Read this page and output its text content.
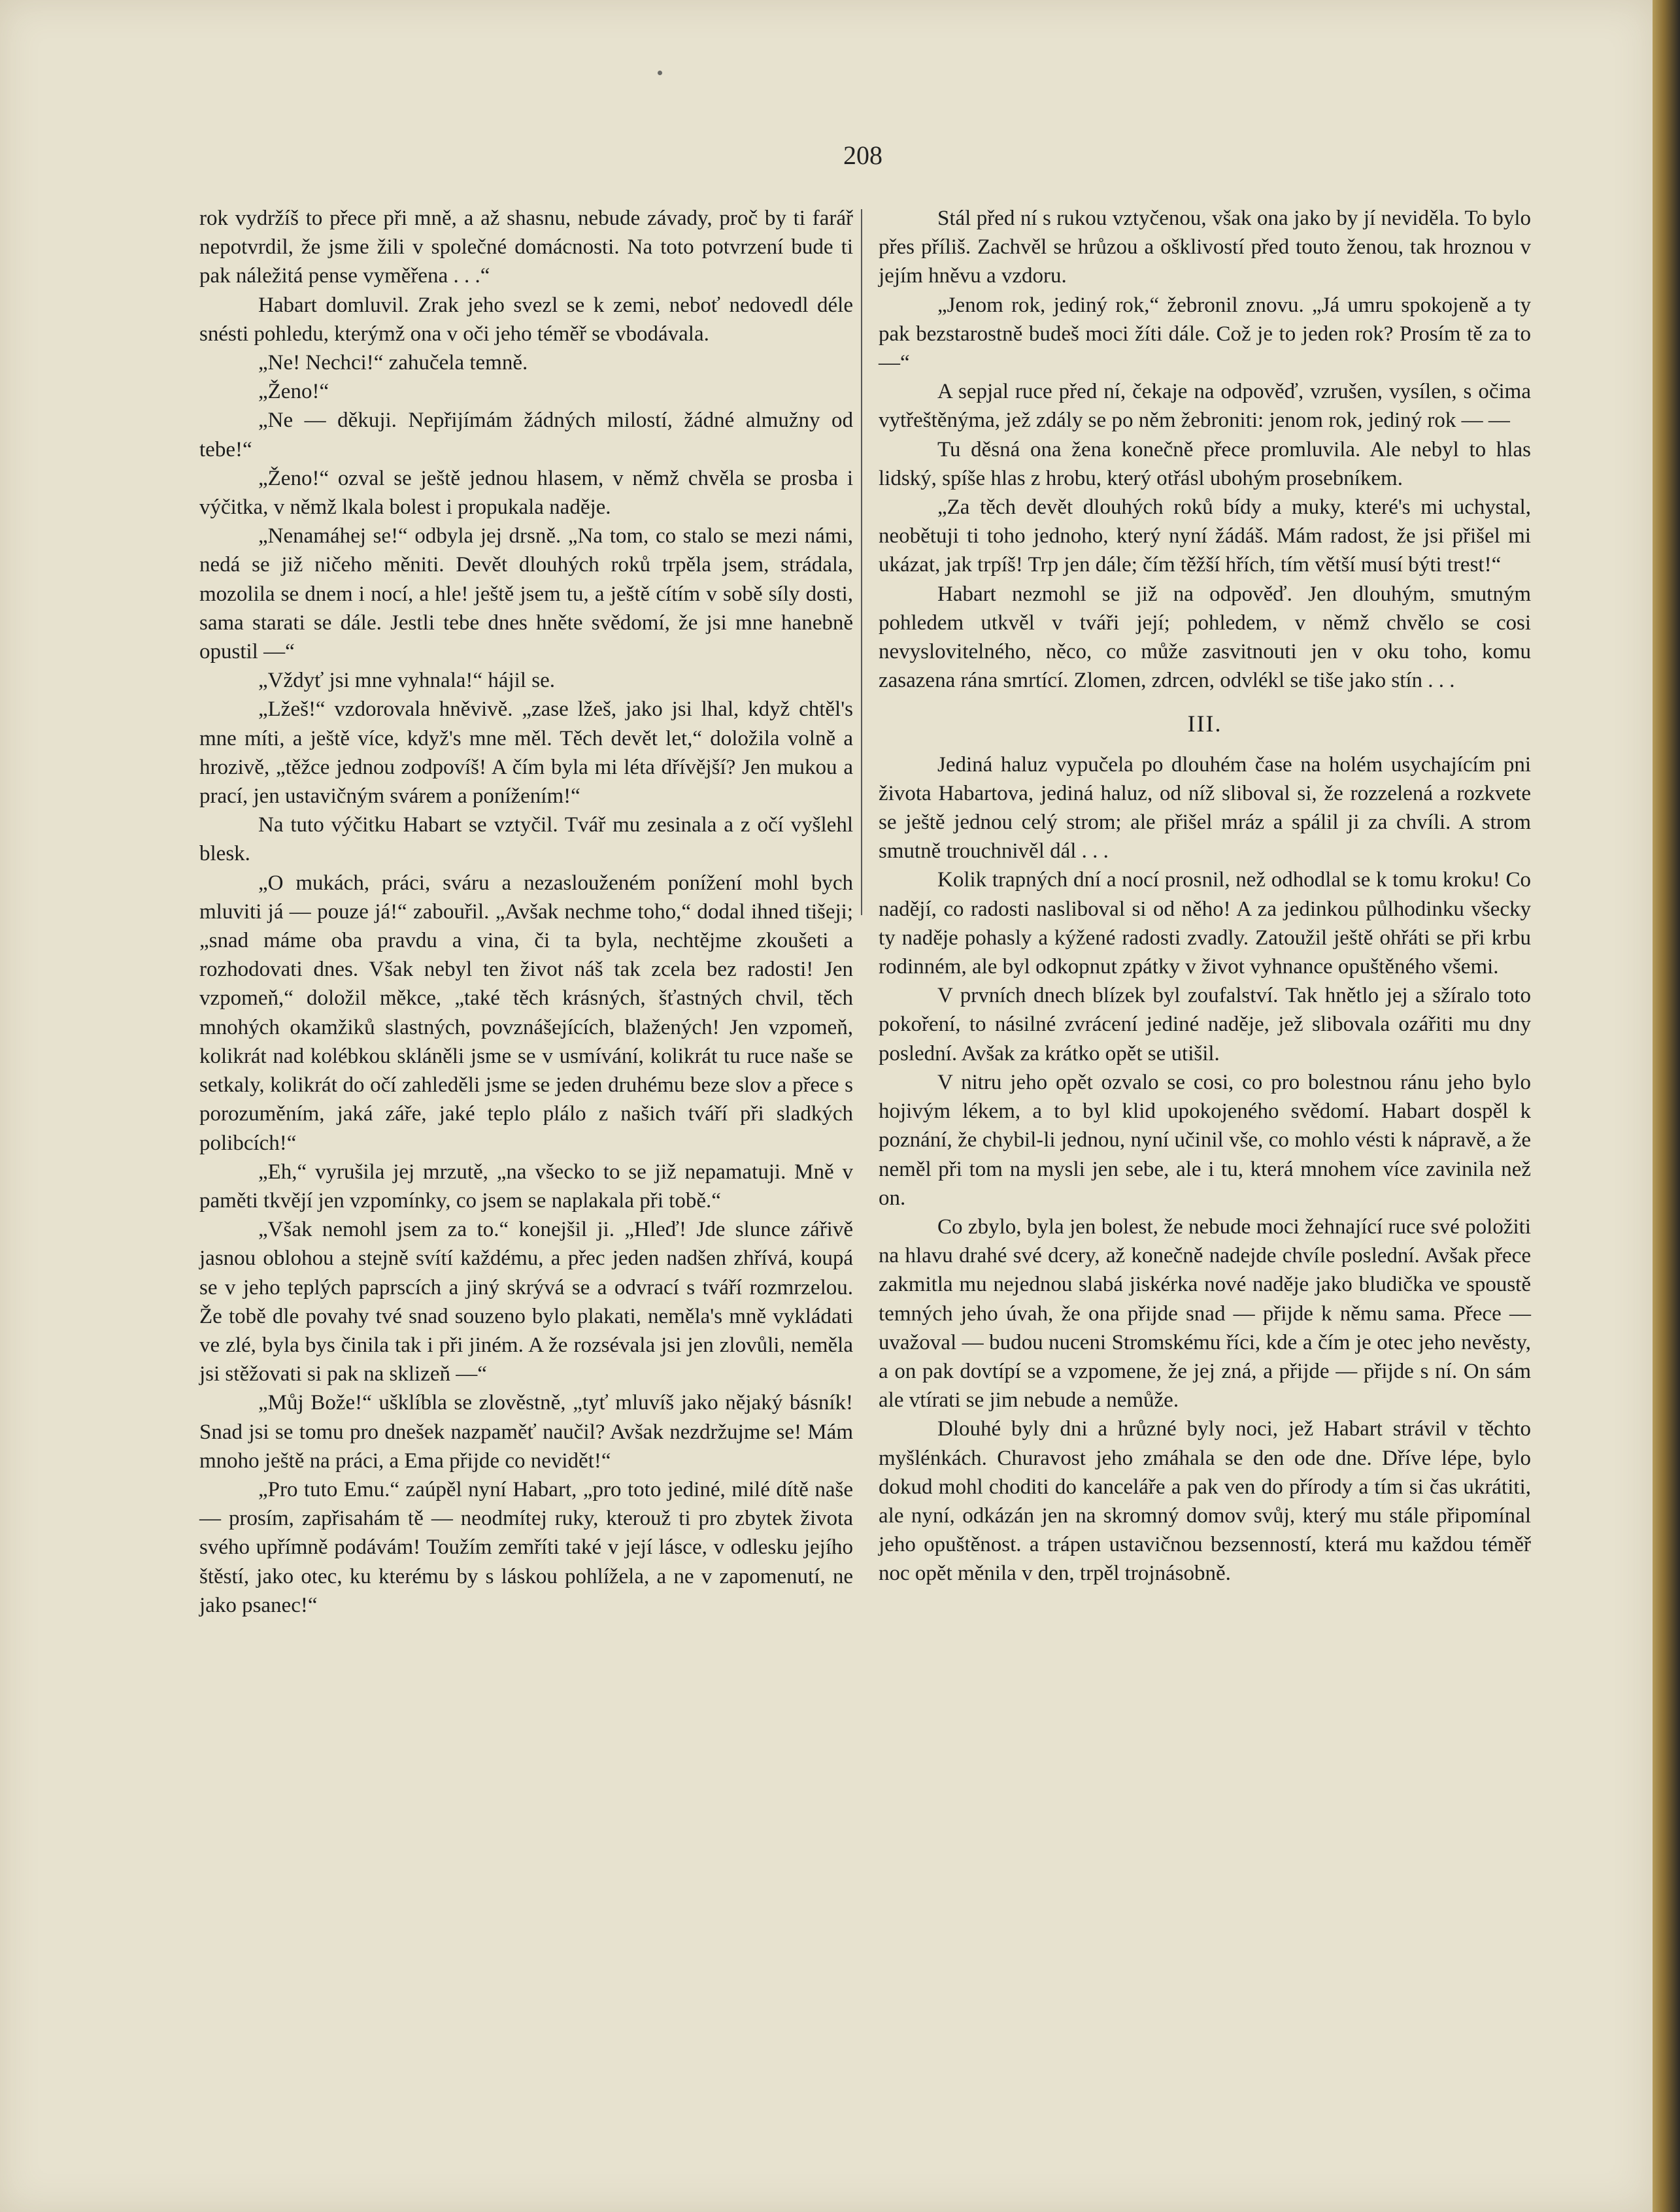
208

rok vydržíš to přece při mně, a až shasnu, nebude závady, proč by ti farář nepotvrdil, že jsme žili v společné domácnosti. Na toto potvrzení bude ti pak náležitá pense vyměřena . . .“

Habart domluvil. Zrak jeho svezl se k zemi, neboť nedovedl déle snésti pohledu, kterýmž ona v oči jeho téměř se vbodávala.

„Ne! Nechci!“ zahučela temně.

„Ženo!“

„Ne — děkuji. Nepřijímám žádných milostí, žádné almužny od tebe!“

„Ženo!“ ozval se ještě jednou hlasem, v němž chvěla se prosba i výčitka, v němž lkala bolest i propukala naděje.

„Nenamáhej se!“ odbyla jej drsně. „Na tom, co stalo se mezi námi, nedá se již ničeho měniti. Devět dlouhých roků trpěla jsem, strádala, mozolila se dnem i nocí, a hle! ještě jsem tu, a ještě cítím v sobě síly dosti, sama starati se dále. Jestli tebe dnes hněte svědomí, že jsi mne hanebně opustil —“

„Vždyť jsi mne vyhnala!“ hájil se.

„Lžeš!“ vzdorovala hněvivě. „zase lžeš, jako jsi lhal, když chtěl's mne míti, a ještě více, když's mne měl. Těch devět let,“ doložila volně a hrozivě, „těžce jednou zodpovíš! A čím byla mi léta dřívější? Jen mukou a prací, jen ustavičným svárem a ponížením!“

Na tuto výčitku Habart se vztyčil. Tvář mu zesinala a z očí vyšlehl blesk.

„O mukách, práci, sváru a nezaslouženém ponížení mohl bych mluviti já — pouze já!“ zabouřil. „Avšak nechme toho,“ dodal ihned tišeji; „snad máme oba pravdu a vina, či ta byla, nechtějme zkoušeti a rozhodovati dnes. Však nebyl ten život náš tak zcela bez radosti! Jen vzpomeň,“ doložil měkce, „také těch krásných, šťastných chvil, těch mnohých okamžiků slastných, povznášejících, blažených! Jen vzpomeň, kolikrát nad kolébkou skláněli jsme se v usmívání, kolikrát tu ruce naše se setkaly, kolikrát do očí zahleděli jsme se jeden druhému beze slov a přece s porozuměním, jaká záře, jaké teplo plálo z našich tváří při sladkých polibcích!“

„Eh,“ vyrušila jej mrzutě, „na všecko to se již nepamatuji. Mně v paměti tkvějí jen vzpomínky, co jsem se naplakala při tobě.“

„Však nemohl jsem za to.“ konejšil ji. „Hleď! Jde slunce zářivě jasnou oblohou a stejně svítí každému, a přec jeden nadšen zhřívá, koupá se v jeho teplých paprscích a jiný skrývá se a odvrací s tváří rozmrzelou. Že tobě dle povahy tvé snad souzeno bylo plakati, neměla's mně vykládati ve zlé, byla bys činila tak i při jiném. A že rozsévala jsi jen zlovůli, neměla jsi stěžovati si pak na sklizeň —“

„Můj Bože!“ ušklíbla se zlověstně, „tyť mluvíš jako nějaký básník! Snad jsi se tomu pro dnešek nazpaměť naučil? Avšak nezdržujme se! Mám mnoho ještě na práci, a Ema přijde co nevidět!“

„Pro tuto Emu.“ zaúpěl nyní Habart, „pro toto jediné, milé dítě naše — prosím, zapřisahám tě — neodmítej ruky, kterouž ti pro zbytek života svého upřímně podávám! Toužím zemříti také v její lásce, v odlesku jejího štěstí, jako otec, ku kterému by s láskou pohlížela, a ne v zapomenutí, ne jako psanec!“

Stál před ní s rukou vztyčenou, však ona jako by jí neviděla. To bylo přes příliš. Zachvěl se hrůzou a ošklivostí před touto ženou, tak hroznou v jejím hněvu a vzdoru.

„Jenom rok, jediný rok,“ žebronil znovu. „Já umru spokojeně a ty pak bezstarostně budeš moci žíti dále. Což je to jeden rok? Prosím tě za to —“

A sepjal ruce před ní, čekaje na odpověď, vzrušen, vysílen, s očima vytřeštěnýma, jež zdály se po něm žebroniti: jenom rok, jediný rok — —

Tu děsná ona žena konečně přece promluvila. Ale nebyl to hlas lidský, spíše hlas z hrobu, který otřásl ubohým prosebníkem.

„Za těch devět dlouhých roků bídy a muky, které's mi uchystal, neobětuji ti toho jednoho, který nyní žádáš. Mám radost, že jsi přišel mi ukázat, jak trpíš! Trp jen dále; čím těžší hřích, tím větší musí býti trest!“

Habart nezmohl se již na odpověď. Jen dlouhým, smutným pohledem utkvěl v tváři její; pohledem, v němž chvělo se cosi nevyslovitelného, něco, co může zasvitnouti jen v oku toho, komu zasazena rána smrtící. Zlomen, zdrcen, odvlékl se tiše jako stín . . .

III.

Jediná haluz vypučela po dlouhém čase na holém usychajícím pni života Habartova, jediná haluz, od níž sliboval si, že rozzelená a rozkvete se ještě jednou celý strom; ale přišel mráz a spálil ji za chvíli. A strom smutně trouchnivěl dál . . .

Kolik trapných dní a nocí prosnil, než odhodlal se k tomu kroku! Co nadějí, co radosti nasliboval si od něho! A za jedinkou půlhodinku všecky ty naděje pohasly a kýžené radosti zvadly. Zatoužil ještě ohřáti se při krbu rodinném, ale byl odkopnut zpátky v život vyhnance opuštěného všemi.

V prvních dnech blízek byl zoufalství. Tak hnětlo jej a sžíralo toto pokoření, to násilné zvrácení jediné naděje, jež slibovala ozářiti mu dny poslední. Avšak za krátko opět se utišil.

V nitru jeho opět ozvalo se cosi, co pro bolestnou ránu jeho bylo hojivým lékem, a to byl klid upokojeného svědomí. Habart dospěl k poznání, že chybil-li jednou, nyní učinil vše, co mohlo vésti k nápravě, a že neměl při tom na mysli jen sebe, ale i tu, která mnohem více zavinila než on.

Co zbylo, byla jen bolest, že nebude moci žehnající ruce své položiti na hlavu drahé své dcery, až konečně nadejde chvíle poslední. Avšak přece zakmitla mu nejednou slabá jiskérka nové naděje jako bludička ve spoustě temných jeho úvah, že ona přijde snad — přijde k němu sama. Přece — uvažoval — budou nuceni Stromskému říci, kde a čím je otec jeho nevěsty, a on pak dovtípí se a vzpomene, že jej zná, a přijde — přijde s ní. On sám ale vtírati se jim nebude a nemůže.

Dlouhé byly dni a hrůzné byly noci, jež Habart strávil v těchto myšlénkách. Churavost jeho zmáhala se den ode dne. Dříve lépe, bylo dokud mohl choditi do kanceláře a pak ven do přírody a tím si čas ukrátiti, ale nyní, odkázán jen na skromný domov svůj, který mu stále připomínal jeho opuštěnost. a trápen ustavičnou bezsenností, která mu každou téměř noc opět měnila v den, trpěl trojnásobně.
